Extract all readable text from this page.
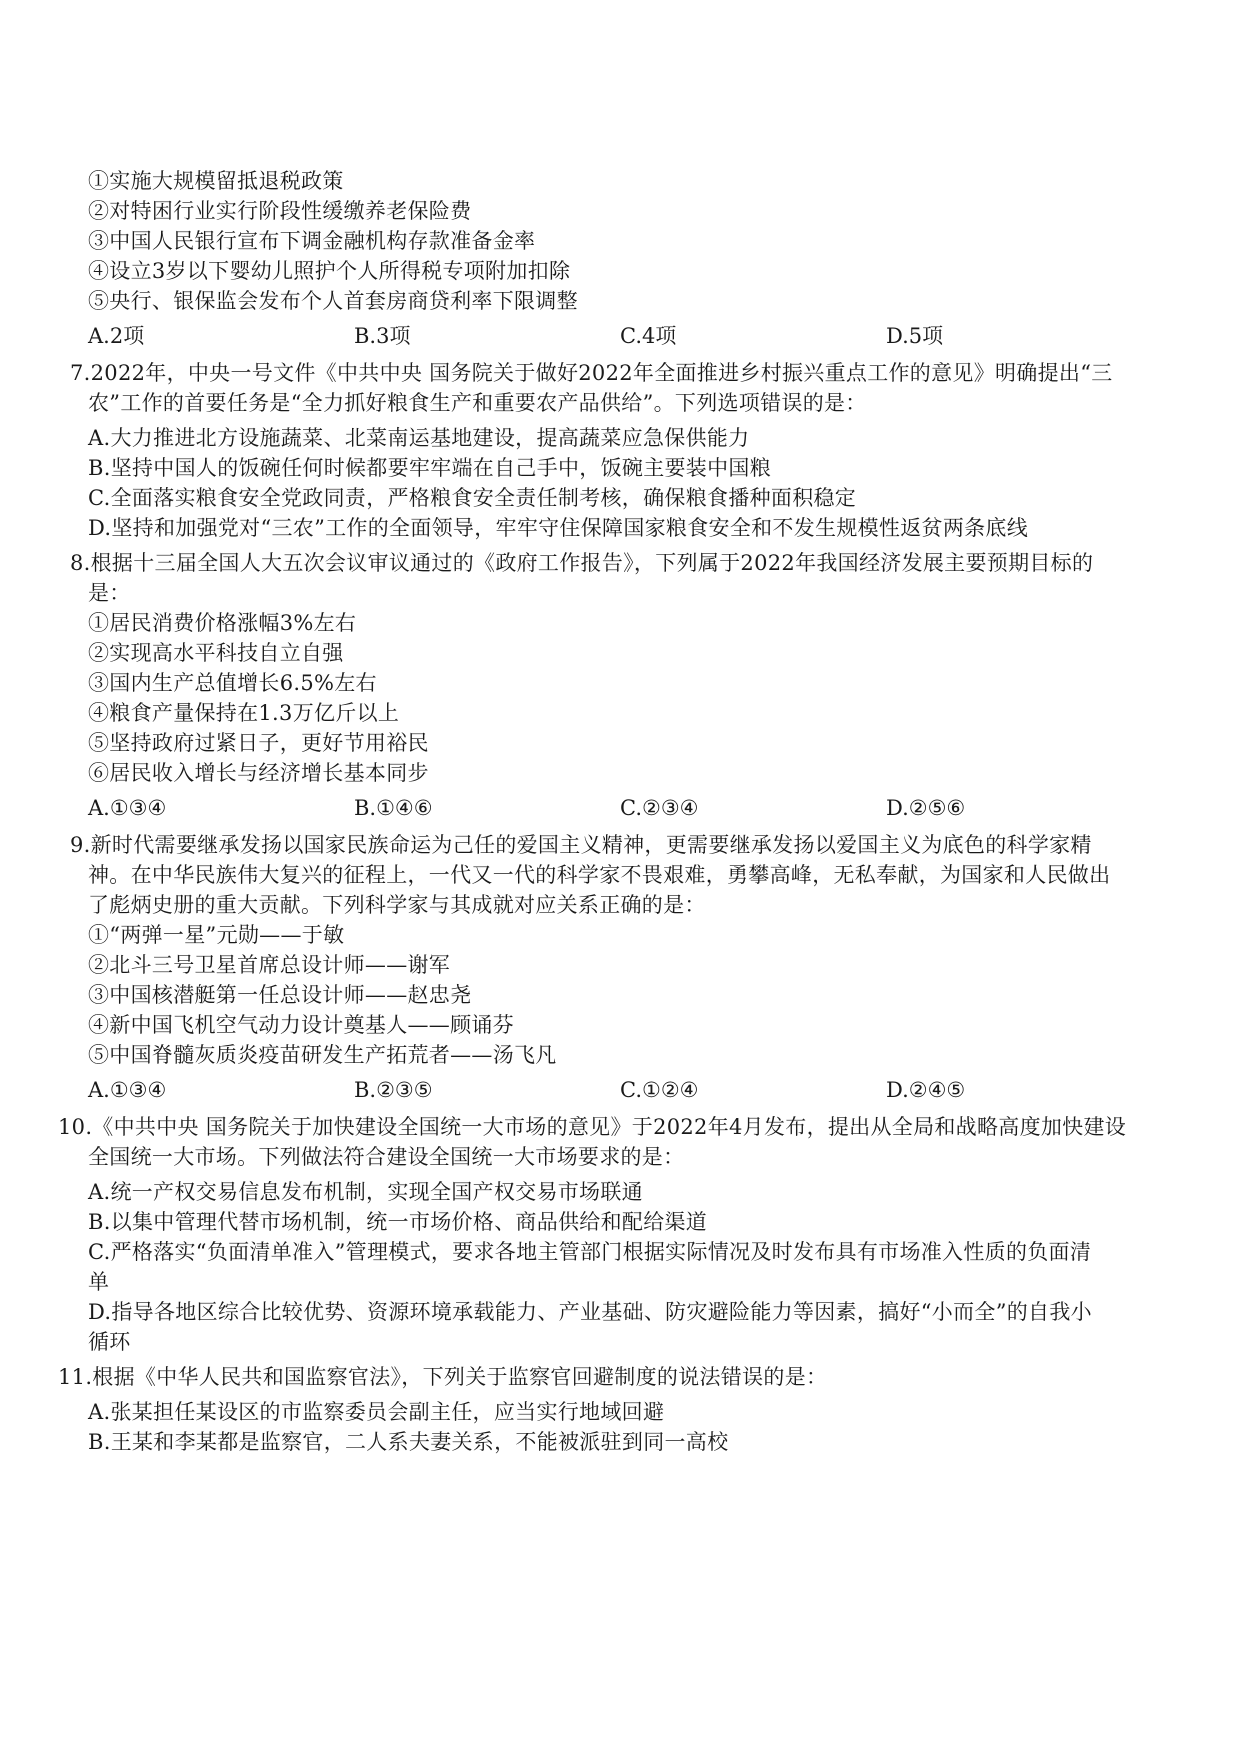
①实施大规模留抵退税政策
②对特困行业实行阶段性缓缴养老保险费
③中国人民银行宣布下调金融机构存款准备金率
④设立3岁以下婴幼儿照护个人所得税专项附加扣除
⑤央行、银保监会发布个人首套房商贷利率下限调整
A.2项	B.3项	C.4项	D.5项
7.2022年，中央一号文件《中共中央 国务院关于做好2022年全面推进乡村振兴重点工作的意见》明确提出“三
农”工作的首要任务是“全力抓好粮食生产和重要农产品供给”。下列选项错误的是：
A.大力推进北方设施蔬菜、北菜南运基地建设，提高蔬菜应急保供能力
B.坚持中国人的饭碗任何时候都要牢牢端在自己手中，饭碗主要装中国粮
C.全面落实粮食安全党政同责，严格粮食安全责任制考核，确保粮食播种面积稳定
D.坚持和加强党对“三农”工作的全面领导，牢牢守住保障国家粮食安全和不发生规模性返贫两条底线
8.根据十三届全国人大五次会议审议通过的《政府工作报告》，下列属于2022年我国经济发展主要预期目标的
是：
①居民消费价格涨幅3%左右
②实现高水平科技自立自强
③国内生产总值增长6.5%左右
④粮食产量保持在1.3万亿斤以上
⑤坚持政府过紧日子，更好节用裕民
⑥居民收入增长与经济增长基本同步
A.①③④	B.①④⑥	C.②③④	D.②⑤⑥
9.新时代需要继承发扬以国家民族命运为己任的爱国主义精神，更需要继承发扬以爱国主义为底色的科学家精
神。在中华民族伟大复兴的征程上，一代又一代的科学家不畏艰难，勇攀高峰，无私奉献，为国家和人民做出
了彪炳史册的重大贡献。下列科学家与其成就对应关系正确的是：
①“两弹一星”元勋——于敏
②北斗三号卫星首席总设计师——谢军
③中国核潜艇第一任总设计师——赵忠尧
④新中国飞机空气动力设计奠基人——顾诵芬
⑤中国脊髓灰质炎疫苗研发生产拓荒者——汤飞凡
A.①③④	B.②③⑤	C.①②④	D.②④⑤
10.《中共中央 国务院关于加快建设全国统一大市场的意见》于2022年4月发布，提出从全局和战略高度加快建设
全国统一大市场。下列做法符合建设全国统一大市场要求的是：
A.统一产权交易信息发布机制，实现全国产权交易市场联通
B.以集中管理代替市场机制，统一市场价格、商品供给和配给渠道
C.严格落实“负面清单准入”管理模式，要求各地主管部门根据实际情况及时发布具有市场准入性质的负面清
单
D.指导各地区综合比较优势、资源环境承载能力、产业基础、防灾避险能力等因素，搞好“小而全”的自我小
循环
11.根据《中华人民共和国监察官法》，下列关于监察官回避制度的说法错误的是：
A.张某担任某设区的市监察委员会副主任，应当实行地域回避
B.王某和李某都是监察官，二人系夫妻关系，不能被派驻到同一高校
